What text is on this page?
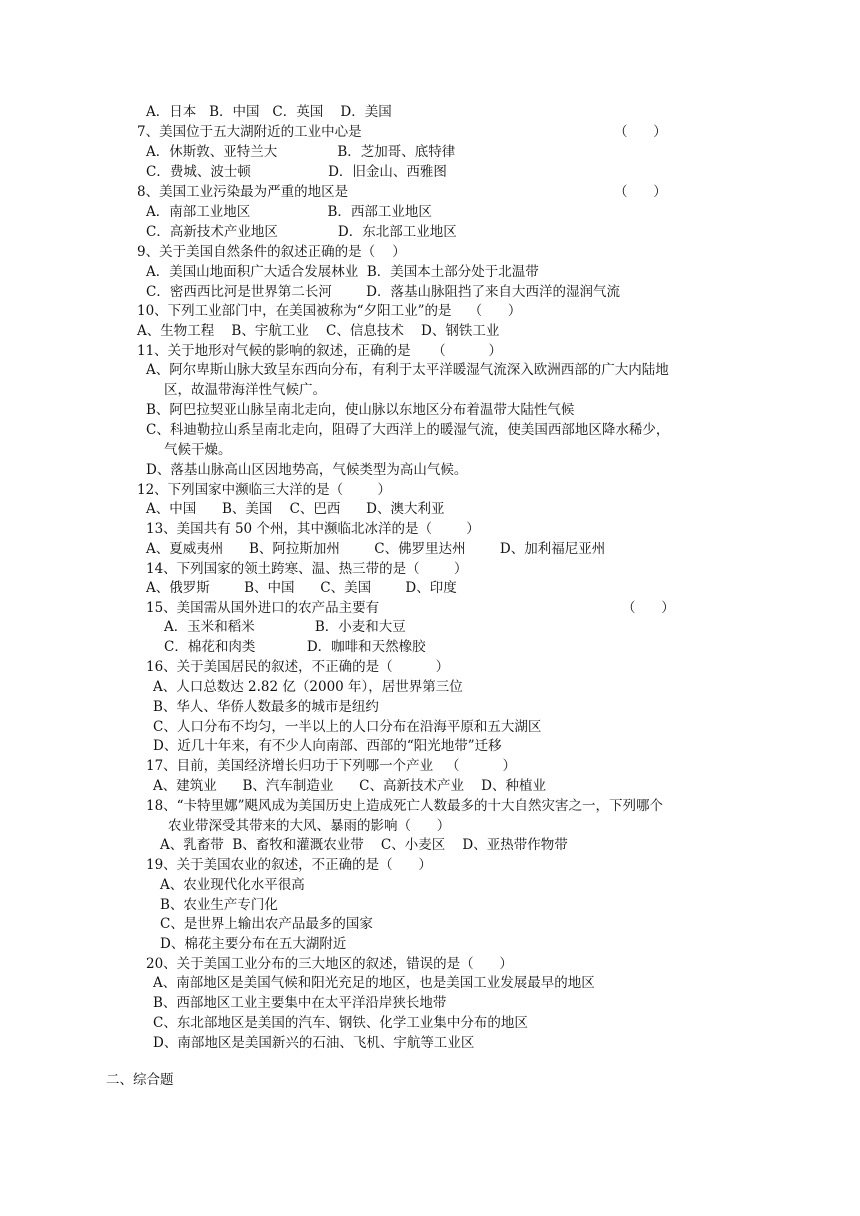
A．日本   B．中国   C．英国    D．美国
7、美国位于五大湖附近的工业中心是	（      ）
A．休斯敦、亚特兰大              B．芝加哥、底特律
C．费城、波士顿                  D．旧金山、西雅图
8、美国工业污染最为严重的地区是	（      ）
A．南部工业地区                  B．西部工业地区
C．高新技术产业地区              D．东北部工业地区
9、关于美国自然条件的叙述正确的是（    ）
A．美国山地面积广大适合发展林业  B．美国本土部分处于北温带
C．密西西比河是世界第二长河        D．落基山脉阻挡了来自大西洋的湿润气流
10、下列工业部门中，在美国被称为“夕阳工业”的是    （      ）
A、生物工程    B、宇航工业    C、信息技术    D、钢铁工业
11、关于地形对气候的影响的叙述，正确的是     （          ）
A、阿尔卑斯山脉大致呈东西向分布，有利于太平洋暖湿气流深入欧洲西部的广大内陆地
区，故温带海洋性气候广。
B、阿巴拉契亚山脉呈南北走向，使山脉以东地区分布着温带大陆性气候
C、科迪勒拉山系呈南北走向，阻碍了大西洋上的暖湿气流，使美国西部地区降水稀少，
气候干燥。
D、落基山脉高山区因地势高，气候类型为高山气候。
12、下列国家中濒临三大洋的是（        ）
A、中国      B、美国    C、巴西      D、澳大利亚
13、美国共有 50 个州，其中濒临北冰洋的是（        ）
A、夏威夷州      B、阿拉斯加州        C、佛罗里达州        D、加利福尼亚州
14、下列国家的领土跨寒、温、热三带的是（        ）
A、俄罗斯        B、中国      C、美国        D、印度
15、美国需从国外进口的农产品主要有	（      ）
A．玉米和稻米              B．小麦和大豆
C．棉花和肉类            D．咖啡和天然橡胶
16、关于美国居民的叙述，不正确的是（          ）
A、人口总数达 2.82 亿（2000 年），居世界第三位
B、华人、华侨人数最多的城市是纽约
C、人口分布不均匀，一半以上的人口分布在沿海平原和五大湖区
D、近几十年来，有不少人向南部、西部的“阳光地带”迁移
17、目前，美国经济增长归功于下列哪一个产业   （          ）
A、建筑业      B、汽车制造业      C、高新技术产业    D、种植业
18、“卡特里娜”飓风成为美国历史上造成死亡人数最多的十大自然灾害之一，下列哪个
农业带深受其带来的大风、暴雨的影响（      ）
A、乳畜带  B、畜牧和灌溉农业带    C、小麦区    D、亚热带作物带
19、关于美国农业的叙述，不正确的是（      ）
A、农业现代化水平很高
B、农业生产专门化
C、是世界上输出农产品最多的国家
D、棉花主要分布在五大湖附近
20、关于美国工业分布的三大地区的叙述，错误的是（      ）
A、南部地区是美国气候和阳光充足的地区，也是美国工业发展最早的地区
B、西部地区工业主要集中在太平洋沿岸狭长地带
C、东北部地区是美国的汽车、钢铁、化学工业集中分布的地区
D、南部地区是美国新兴的石油、飞机、宇航等工业区
二、综合题
